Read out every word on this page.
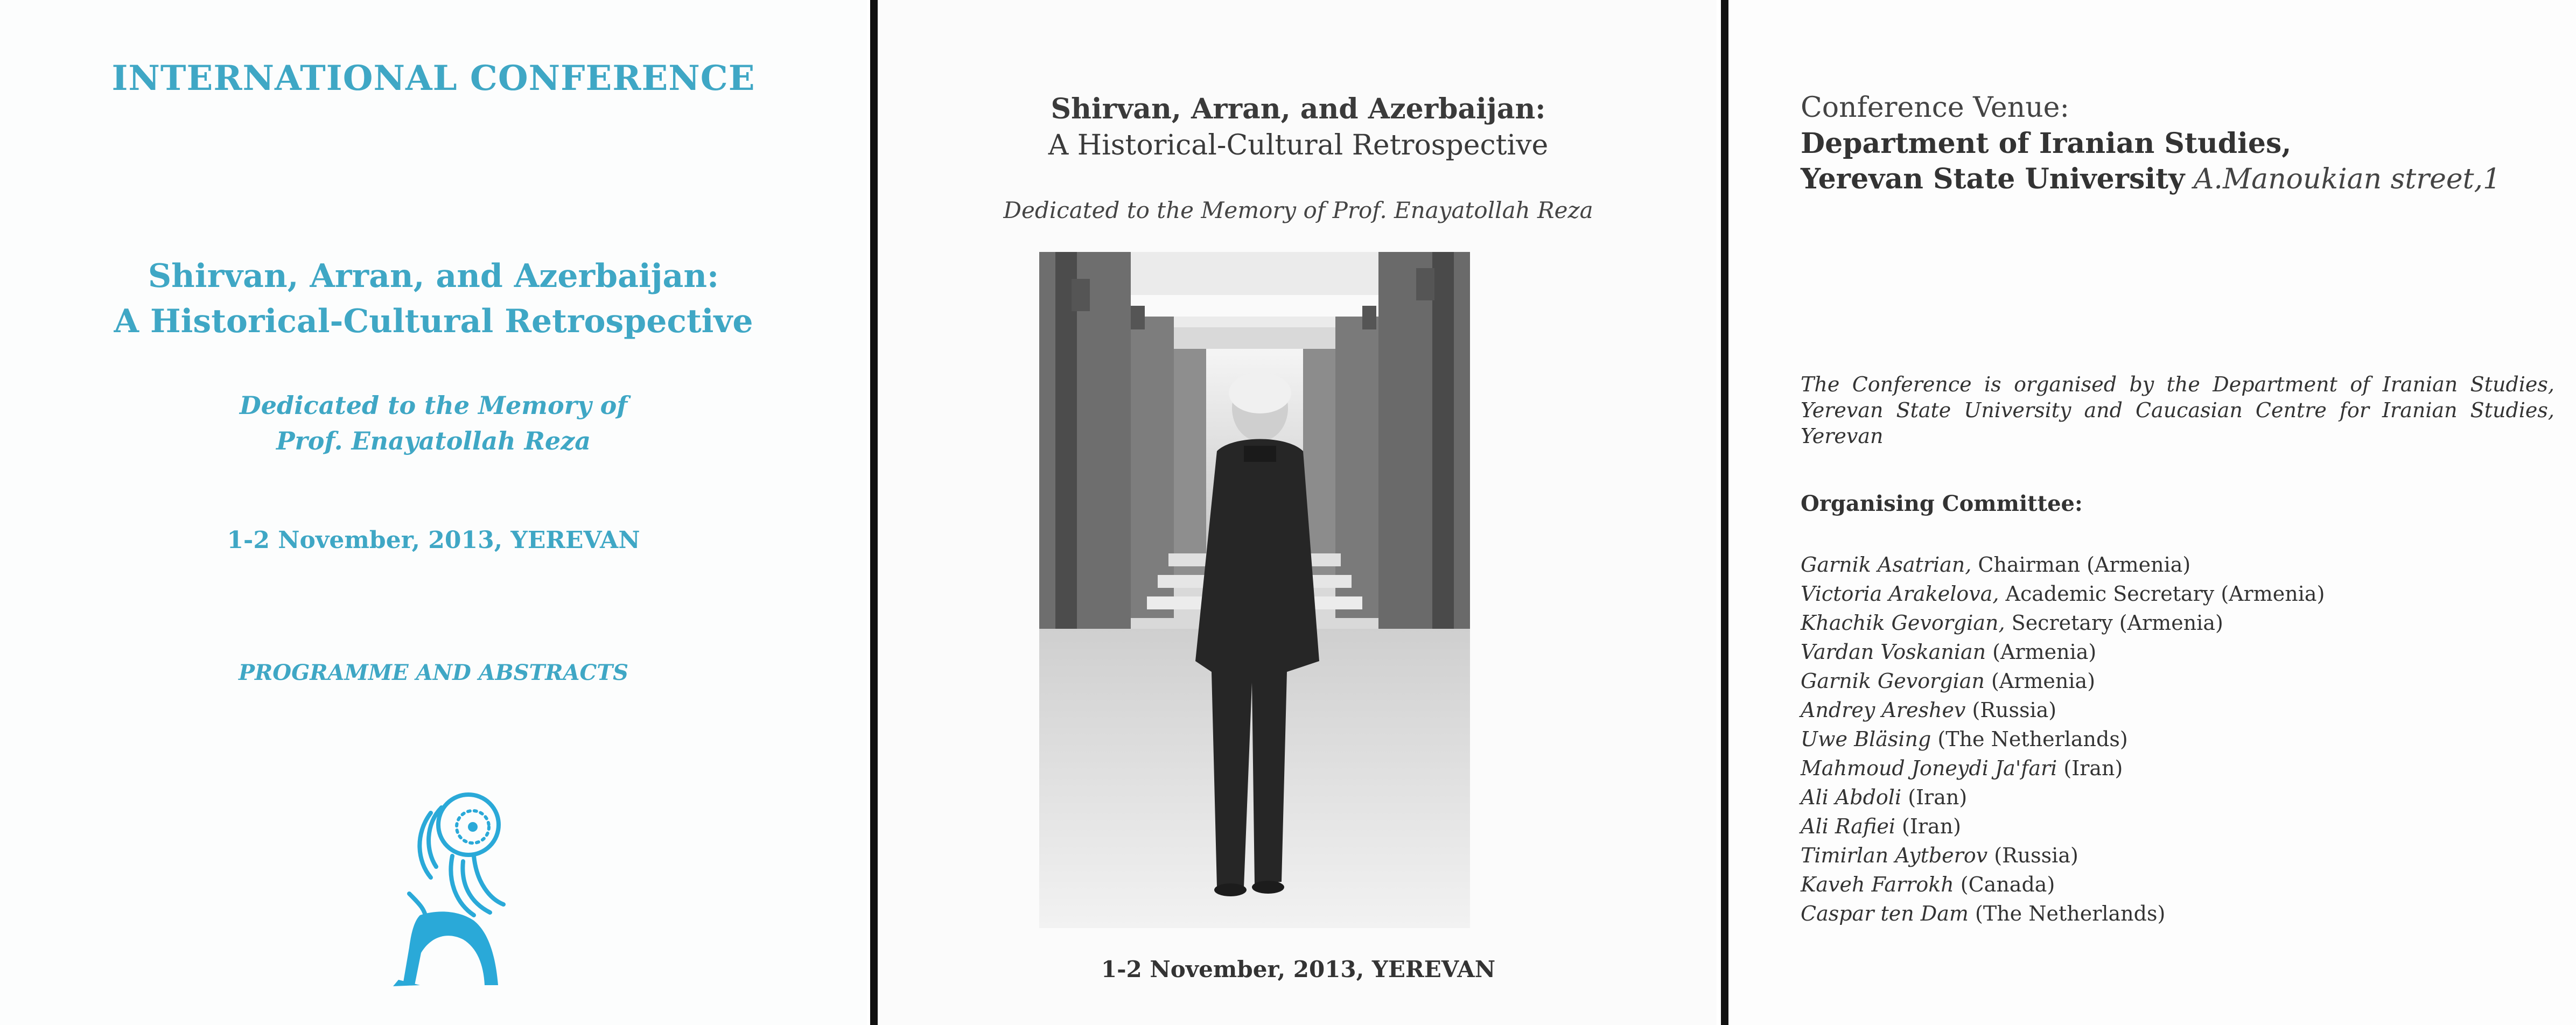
INTERNATIONAL CONFERENCE

Shirvan, Arran, and Azerbaijan:

A Historical-Cultural Retrospective

Dedicated to the Memory of

Prof. Enayatollah Reza

1-2 November, 2013, YEREVAN

PROGRAMME AND ABSTRACTS

Shirvan, Arran, and Azerbaijan:

A Historical-Cultural Retrospective

Dedicated to the Memory of Prof. Enayatollah Reza

1-2 November, 2013, YEREVAN

Conference Venue:

Department of Iranian Studies,

Yerevan State University A.Manoukian street,1

The Conference is organised by the Department of Iranian Studies, Yerevan State University and Caucasian Centre for Iranian Studies, Yerevan

Organising Committee:

Garnik Asatrian, Chairman (Armenia)
Victoria Arakelova, Academic Secretary (Armenia)
Khachik Gevorgian, Secretary (Armenia)
Vardan Voskanian (Armenia)
Garnik Gevorgian (Armenia)
Andrey Areshev (Russia)
Uwe Bläsing (The Netherlands)
Mahmoud Joneydi Ja'fari (Iran)
Ali Abdoli (Iran)
Ali Rafiei (Iran)
Timirlan Aytberov (Russia)
Kaveh Farrokh (Canada)
Caspar ten Dam (The Netherlands)
